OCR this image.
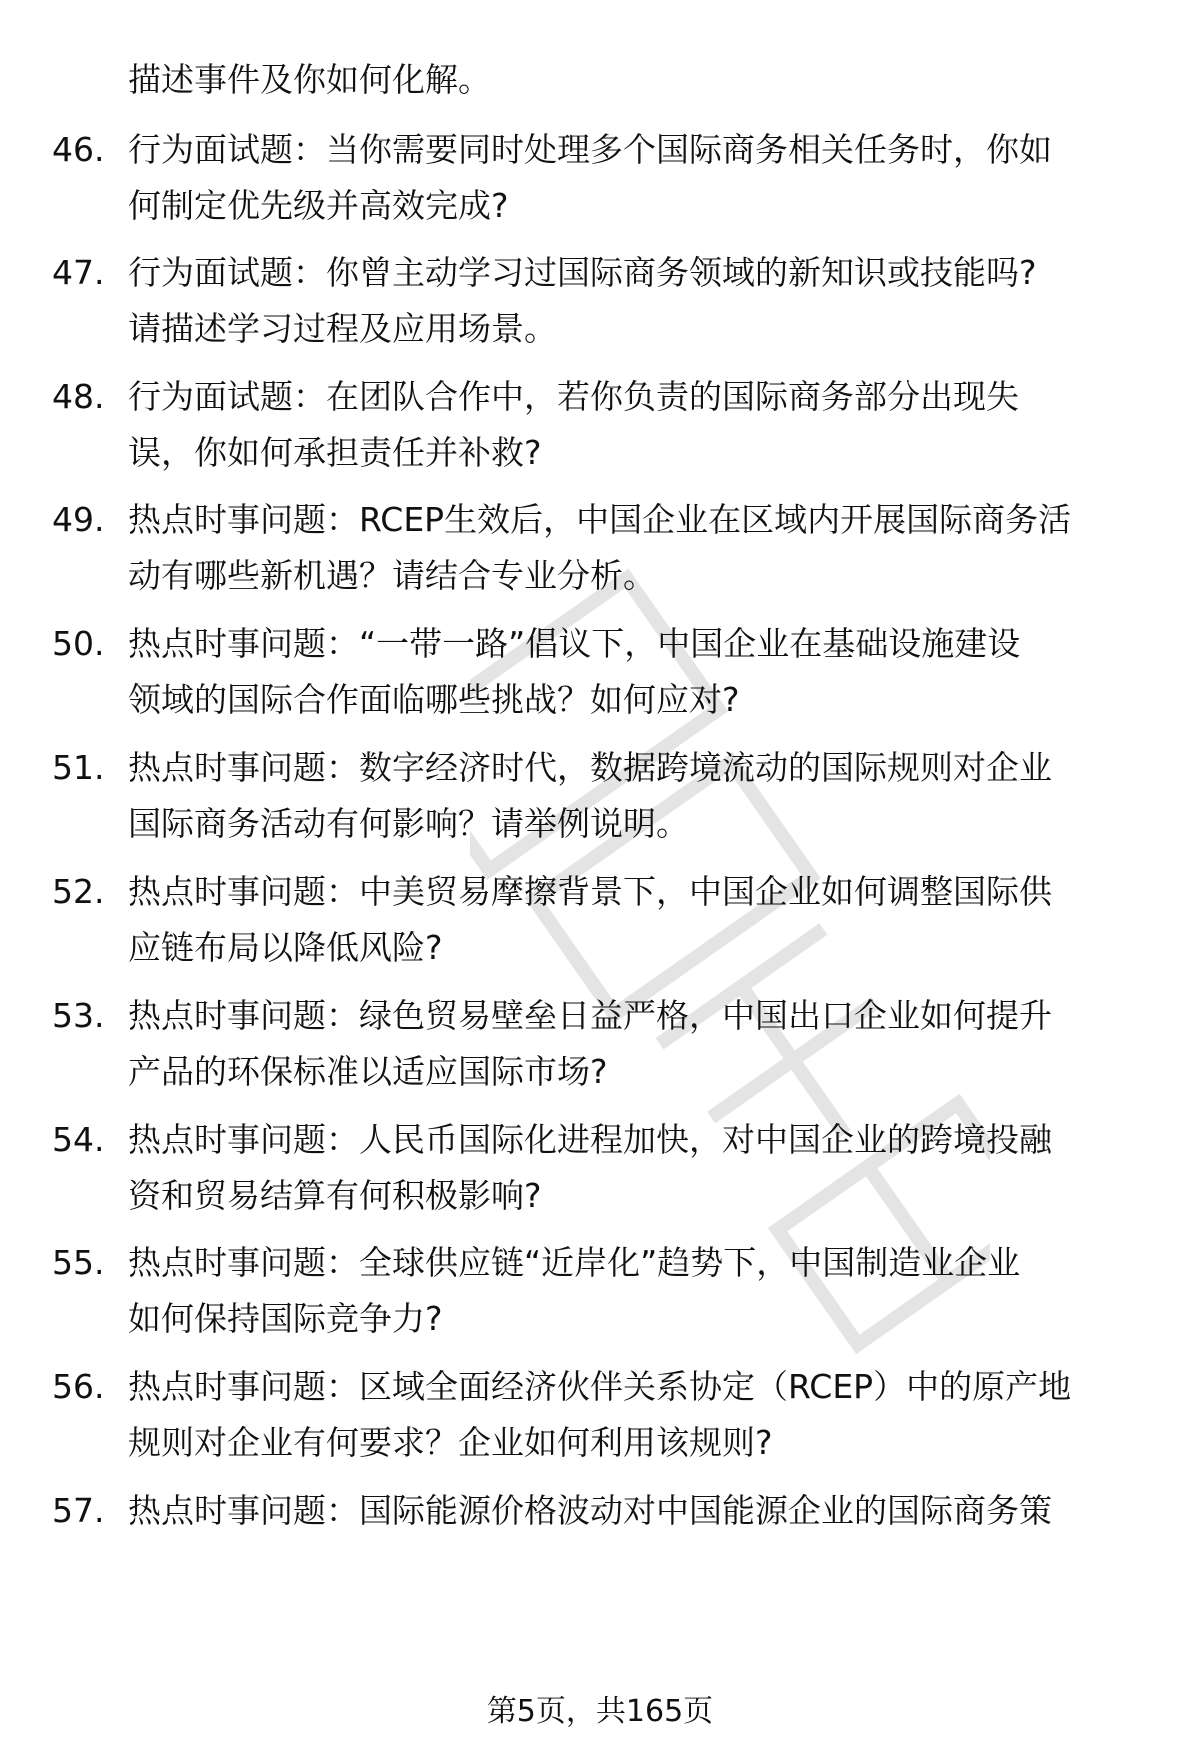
描述事件及你如何化解。
46. 行为面试题：当你需要同时处理多个国际商务相关任务时，你如
何制定优先级并高效完成?
47. 行为面试题：你曾主动学习过国际商务领域的新知识或技能吗?
请描述学习过程及应用场景。
48. 行为面试题：在团队合作中，若你负责的国际商务部分出现失
误，你如何承担责任并补救?
49. 热点时事问题：RCEP生效后，中国企业在区域内开展国际商务活
动有哪些新机遇？请结合专业分析。
50. 热点时事问题：“一带一路”倡议下，中国企业在基础设施建设
领域的国际合作面临哪些挑战？如何应对?
51. 热点时事问题：数字经济时代，数据跨境流动的国际规则对企业
国际商务活动有何影响？请举例说明。
52. 热点时事问题：中美贸易摩擦背景下，中国企业如何调整国际供
应链布局以降低风险?
53. 热点时事问题：绿色贸易壁垒日益严格，中国出口企业如何提升
产品的环保标准以适应国际市场?
54. 热点时事问题：人民币国际化进程加快，对中国企业的跨境投融
资和贸易结算有何积极影响?
55. 热点时事问题：全球供应链“近岸化”趋势下，中国制造业企业
如何保持国际竞争力?
56. 热点时事问题：区域全面经济伙伴关系协定（RCEP）中的原产地
规则对企业有何要求？企业如何利用该规则?
57. 热点时事问题：国际能源价格波动对中国能源企业的国际商务策
第5页，共165页
